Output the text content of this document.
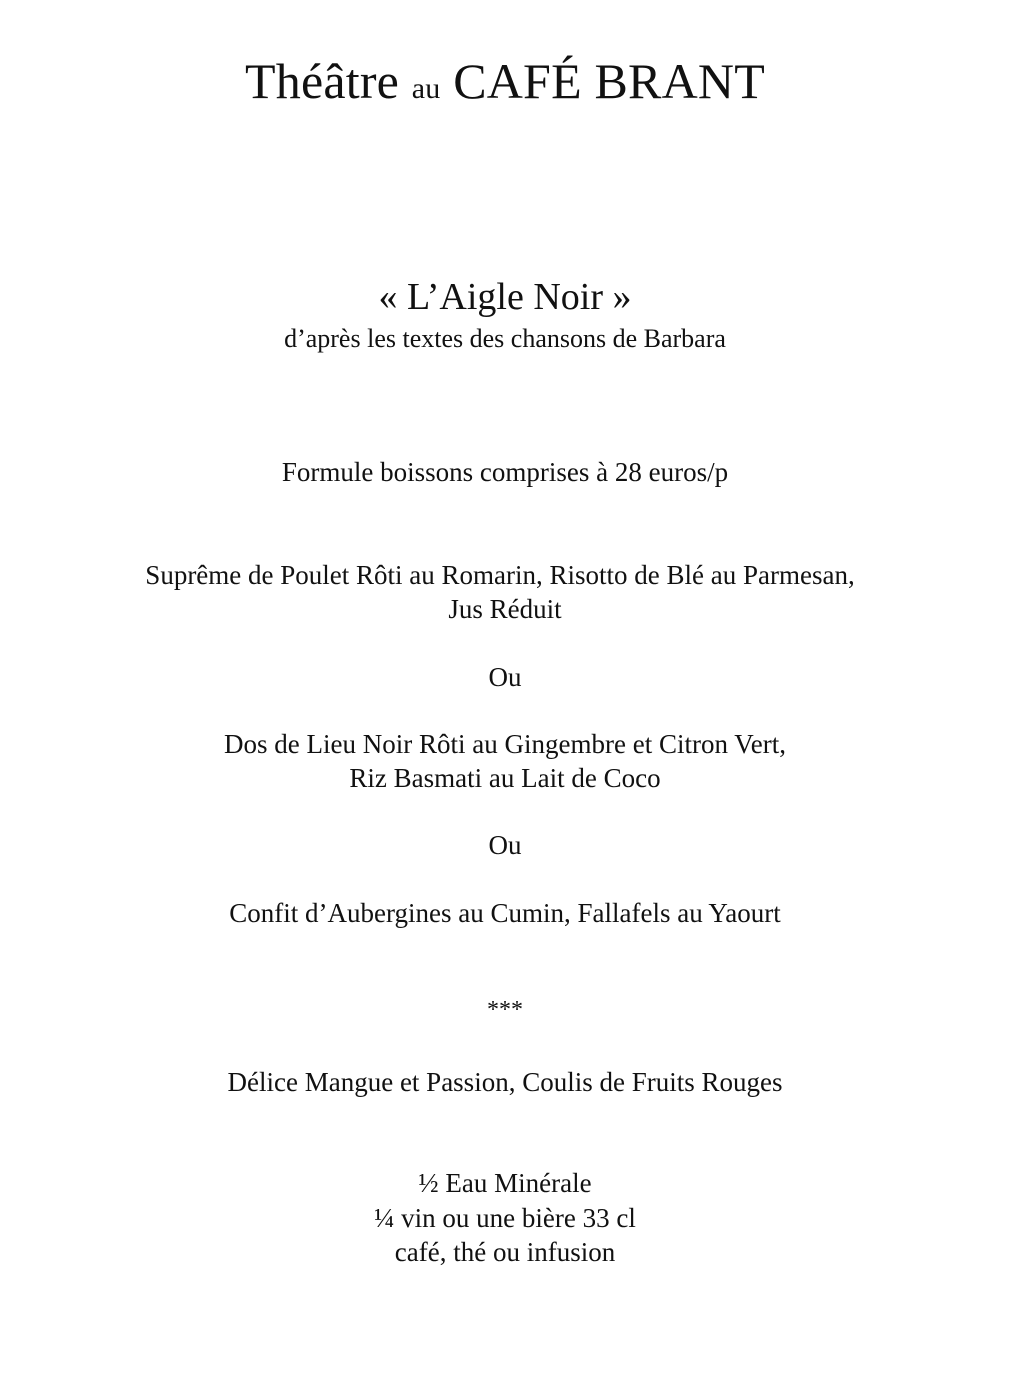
Théâtre au CAFÉ BRANT
« L’Aigle Noir »
d’après les textes des chansons de Barbara
Formule boissons comprises à 28 euros/p
Suprême de Poulet Rôti au Romarin, Risotto de Blé au Parmesan,
Jus Réduit
Ou
Dos de Lieu Noir Rôti au Gingembre et Citron Vert,
Riz Basmati au Lait de Coco
Ou
Confit d’Aubergines au Cumin, Fallafels au Yaourt
***
Délice Mangue et Passion, Coulis de Fruits Rouges
½ Eau Minérale
¼ vin ou une bière 33 cl
café, thé ou infusion
